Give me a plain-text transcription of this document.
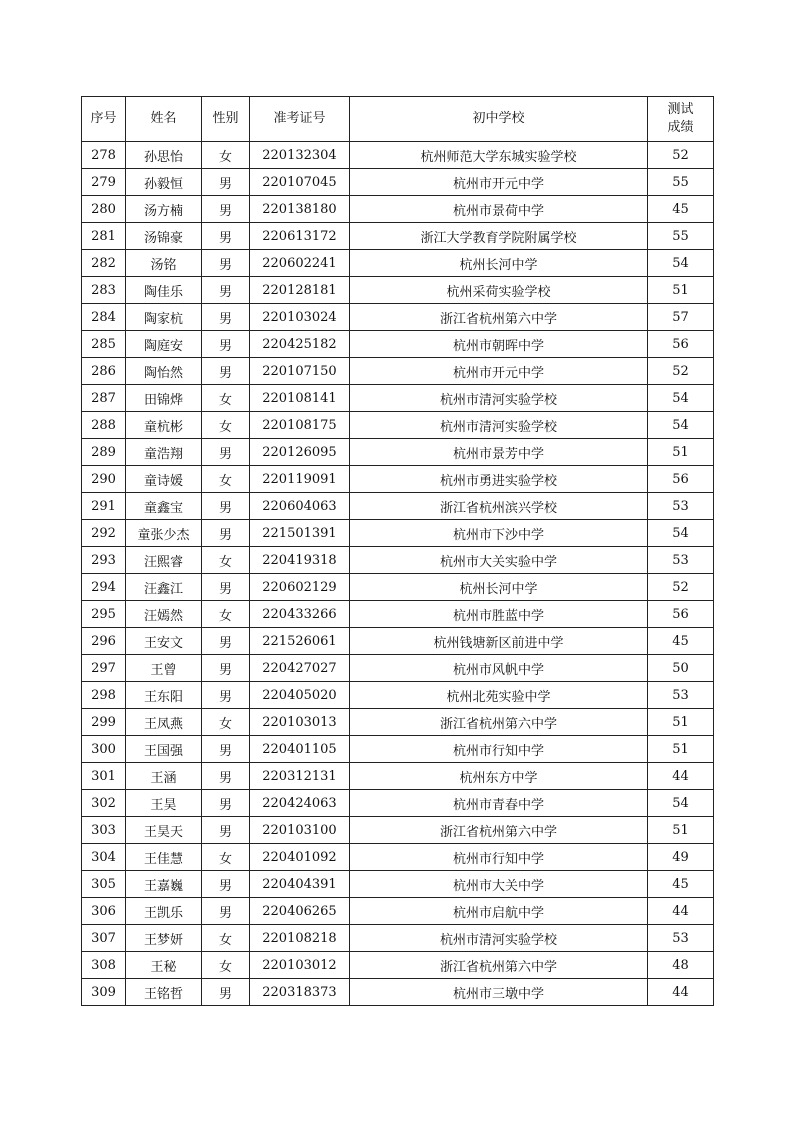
序号	姓名	性别	准考证号	初中学校	测试成绩
278	孙思怡	女	220132304	杭州师范大学东城实验学校	52
279	孙毅恒	男	220107045	杭州市开元中学	55
280	汤方楠	男	220138180	杭州市景荷中学	45
281	汤锦豪	男	220613172	浙江大学教育学院附属学校	55
282	汤铭	男	220602241	杭州长河中学	54
283	陶佳乐	男	220128181	杭州采荷实验学校	51
284	陶家杭	男	220103024	浙江省杭州第六中学	57
285	陶庭安	男	220425182	杭州市朝晖中学	56
286	陶怡然	男	220107150	杭州市开元中学	52
287	田锦烨	女	220108141	杭州市清河实验学校	54
288	童杭彬	女	220108175	杭州市清河实验学校	54
289	童浩翔	男	220126095	杭州市景芳中学	51
290	童诗媛	女	220119091	杭州市勇进实验学校	56
291	童鑫宝	男	220604063	浙江省杭州滨兴学校	53
292	童张少杰	男	221501391	杭州市下沙中学	54
293	汪熙睿	女	220419318	杭州市大关实验中学	53
294	汪鑫江	男	220602129	杭州长河中学	52
295	汪嫣然	女	220433266	杭州市胜蓝中学	56
296	王安文	男	221526061	杭州钱塘新区前进中学	45
297	王曾	男	220427027	杭州市风帆中学	50
298	王东阳	男	220405020	杭州北苑实验中学	53
299	王凤燕	女	220103013	浙江省杭州第六中学	51
300	王国强	男	220401105	杭州市行知中学	51
301	王涵	男	220312131	杭州东方中学	44
302	王昊	男	220424063	杭州市青春中学	54
303	王昊天	男	220103100	浙江省杭州第六中学	51
304	王佳慧	女	220401092	杭州市行知中学	49
305	王嘉巍	男	220404391	杭州市大关中学	45
306	王凯乐	男	220406265	杭州市启航中学	44
307	王梦妍	女	220108218	杭州市清河实验学校	53
308	王秘	女	220103012	浙江省杭州第六中学	48
309	王铭哲	男	220318373	杭州市三墩中学	44
